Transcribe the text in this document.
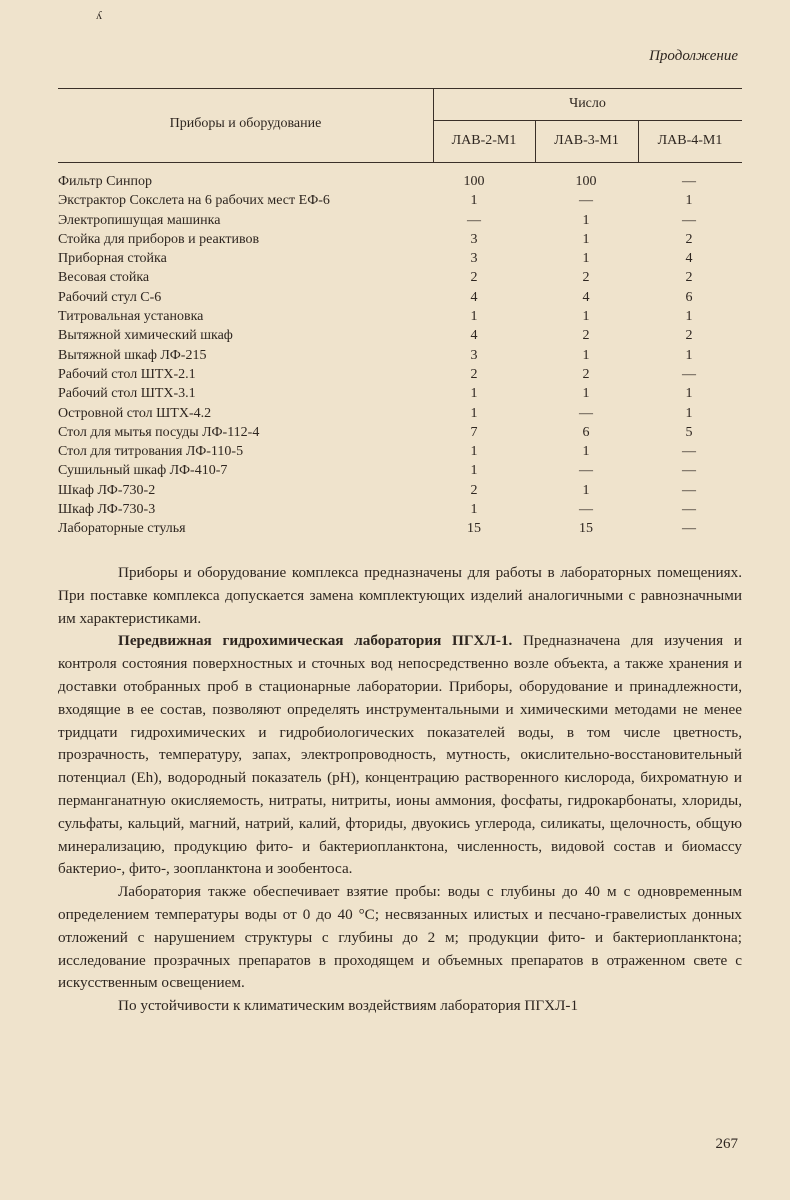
ʎ
Продолжение
Приборы и оборудование
Число
ЛАВ-2-М1	ЛАВ-3-М1	ЛАВ-4-М1
Фильтр Синпор	100	100	—
Экстрактор Сокслета на 6 рабочих мест ЕФ-6	1	—	1
Электропишущая машинка	—	1	—
Стойка для приборов и реактивов	3	1	2
Приборная стойка	3	1	4
Весовая стойка	2	2	2
Рабочий стул С-6	4	4	6
Титровальная установка	1	1	1
Вытяжной химический шкаф	4	2	2
Вытяжной шкаф ЛФ-215	3	1	1
Рабочий стол ШТХ-2.1	2	2	—
Рабочий стол ШТХ-3.1	1	1	1
Островной стол ШТХ-4.2	1	—	1
Стол для мытья посуды ЛФ-112-4	7	6	5
Стол для титрования ЛФ-110-5	1	1	—
Сушильный шкаф ЛФ-410-7	1	—	—
Шкаф ЛФ-730-2	2	1	—
Шкаф ЛФ-730-3	1	—	—
Лабораторные стулья	15	15	—

Приборы и оборудование комплекса предназначены для работы в лабораторных помещениях. При поставке комплекса допускается замена комплектующих изделий аналогичными с равнозначными им характеристиками.

Передвижная гидрохимическая лаборатория ПГХЛ-1. Предназначена для изучения и контроля состояния поверхностных и сточных вод непосредственно возле объекта, а также хранения и доставки отобранных проб в стационарные лаборатории. Приборы, оборудование и принадлежности, входящие в ее состав, позволяют определять инструментальными и химическими методами не менее тридцати гидрохимических и гидробиологических показателей воды, в том числе цветность, прозрачность, температуру, запах, электропроводность, мутность, окислительно-восстановительный потенциал (Eh), водородный показатель (pH), концентрацию растворенного кислорода, бихроматную и перманганатную окисляемость, нитраты, нитриты, ионы аммония, фосфаты, гидрокарбонаты, хлориды, сульфаты, кальций, магний, натрий, калий, фториды, двуокись углерода, силикаты, щелочность, общую минерализацию, продукцию фито- и бактериопланктона, численность, видовой состав и биомассу бактерио-, фито-, зоопланктона и зообентоса.

Лаборатория также обеспечивает взятие пробы: воды с глубины до 40 м с одновременным определением температуры воды от 0 до 40 °С; несвязанных илистых и песчано-гравелистых донных отложений с нарушением структуры с глубины до 2 м; продукции фито- и бактериопланктона; исследование прозрачных препаратов в проходящем и объемных препаратов в отраженном свете с искусственным освещением.

По устойчивости к климатическим воздействиям лаборатория ПГХЛ-1

267
